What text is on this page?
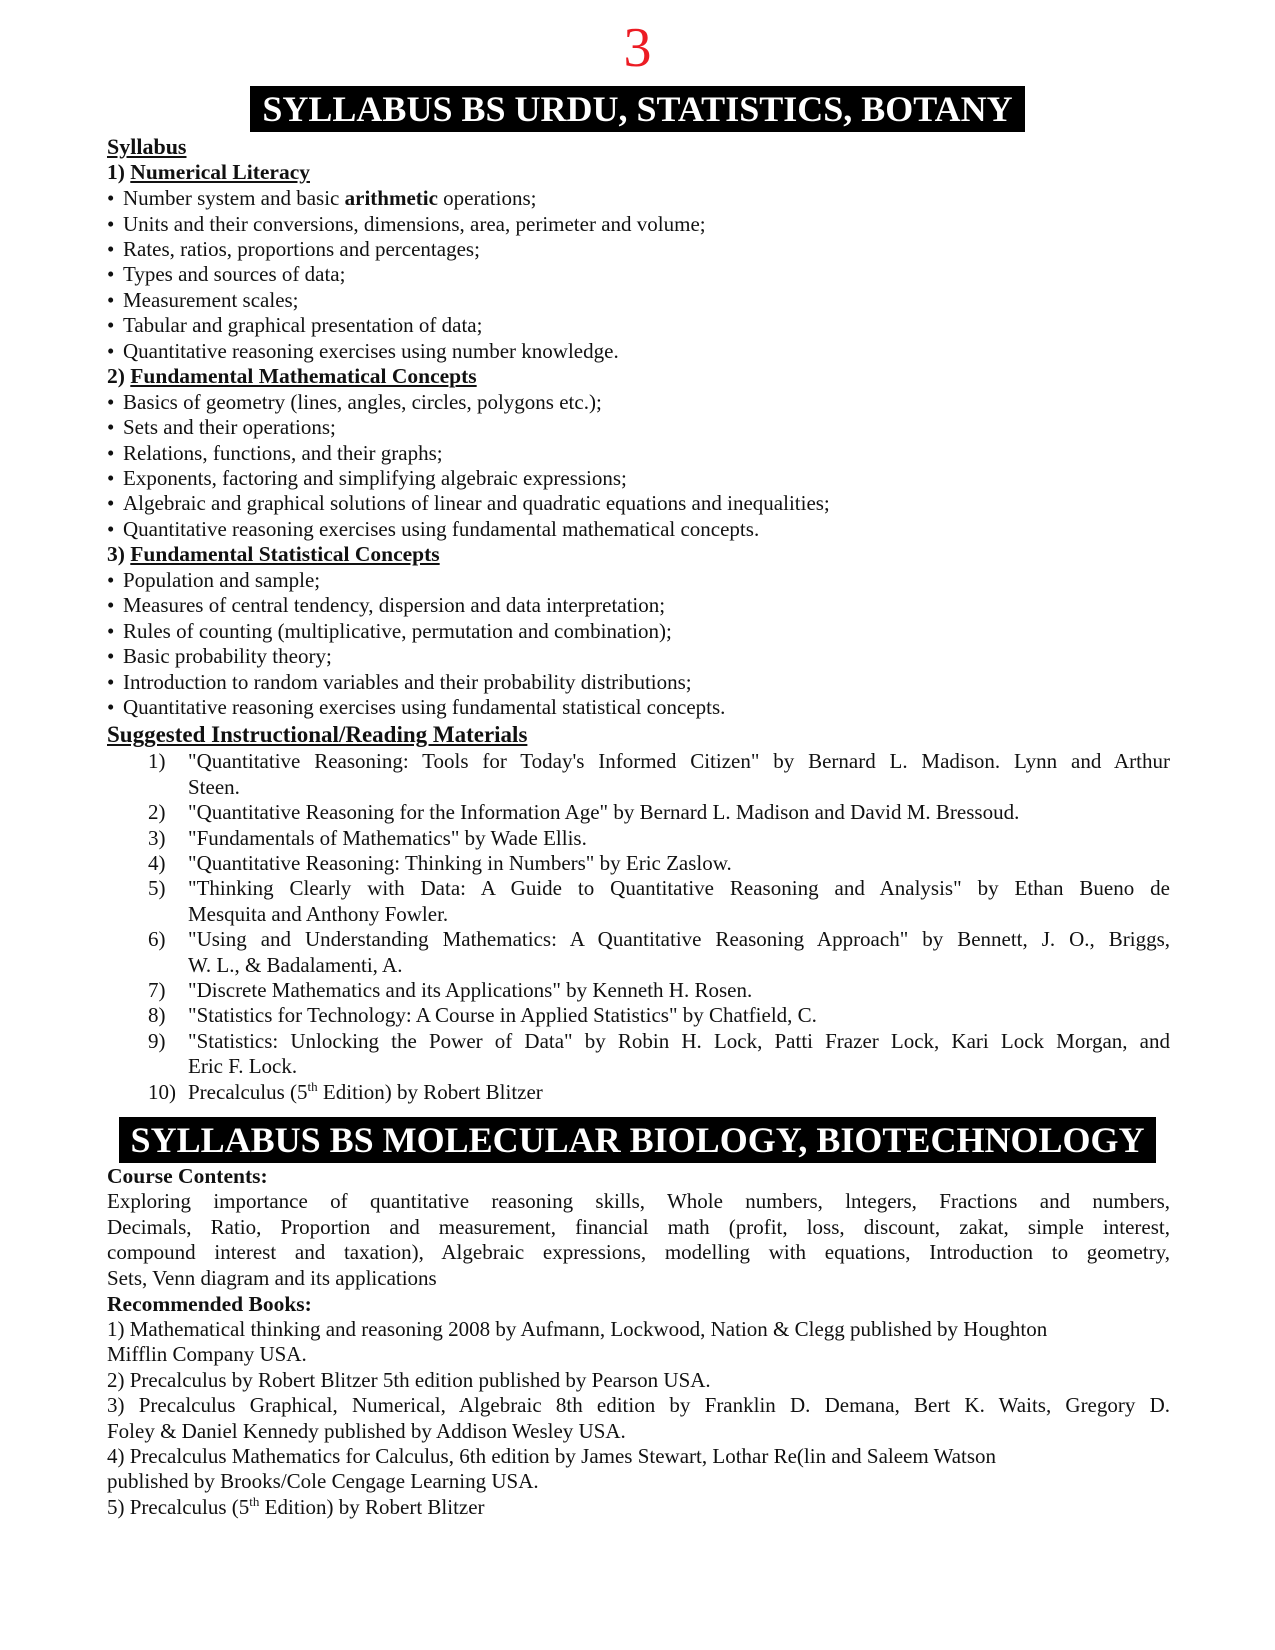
3
SYLLABUS BS URDU, STATISTICS, BOTANY
Syllabus
1) Numerical Literacy
• Number system and basic arithmetic operations;
• Units and their conversions, dimensions, area, perimeter and volume;
• Rates, ratios, proportions and percentages;
• Types and sources of data;
• Measurement scales;
• Tabular and graphical presentation of data;
• Quantitative reasoning exercises using number knowledge.
2) Fundamental Mathematical Concepts
• Basics of geometry (lines, angles, circles, polygons etc.);
• Sets and their operations;
• Relations, functions, and their graphs;
• Exponents, factoring and simplifying algebraic expressions;
• Algebraic and graphical solutions of linear and quadratic equations and inequalities;
• Quantitative reasoning exercises using fundamental mathematical concepts.
3) Fundamental Statistical Concepts
• Population and sample;
• Measures of central tendency, dispersion and data interpretation;
• Rules of counting (multiplicative, permutation and combination);
• Basic probability theory;
• Introduction to random variables and their probability distributions;
• Quantitative reasoning exercises using fundamental statistical concepts.
Suggested Instructional/Reading Materials
1)	"Quantitative Reasoning: Tools for Today's Informed Citizen" by Bernard L. Madison. Lynn and Arthur
Steen.
2)	"Quantitative Reasoning for the Information Age" by Bernard L. Madison and David M. Bressoud.
3)	"Fundamentals of Mathematics" by Wade Ellis.
4)	"Quantitative Reasoning: Thinking in Numbers" by Eric Zaslow.
5)	"Thinking Clearly with Data: A Guide to Quantitative Reasoning and Analysis" by Ethan Bueno de
Mesquita and Anthony Fowler.
6)	"Using and Understanding Mathematics: A Quantitative Reasoning Approach" by Bennett, J. O., Briggs,
W. L., & Badalamenti, A.
7)	"Discrete Mathematics and its Applications" by Kenneth H. Rosen.
8)	"Statistics for Technology: A Course in Applied Statistics" by Chatfield, C.
9)	"Statistics: Unlocking the Power of Data" by Robin H. Lock, Patti Frazer Lock, Kari Lock Morgan, and
Eric F. Lock.
10) Precalculus (5th Edition) by Robert Blitzer
SYLLABUS BS MOLECULAR BIOLOGY, BIOTECHNOLOGY
Course Contents:
Exploring importance of quantitative reasoning skills, Whole numbers, lntegers, Fractions and numbers,
Decimals, Ratio, Proportion and measurement, financial math (profit, loss, discount, zakat, simple interest,
compound interest and taxation), Algebraic expressions, modelling with equations, Introduction to geometry,
Sets, Venn diagram and its applications
Recommended Books:
1) Mathematical thinking and reasoning 2008 by Aufmann, Lockwood, Nation & Clegg published by Houghton
Mifflin Company USA.
2) Precalculus by Robert Blitzer 5th edition published by Pearson USA.
3) Precalculus Graphical, Numerical, Algebraic 8th edition by Franklin D. Demana, Bert K. Waits, Gregory D.
Foley & Daniel Kennedy published by Addison Wesley USA.
4) Precalculus Mathematics for Calculus, 6th edition by James Stewart, Lothar Re(lin and Saleem Watson
published by Brooks/Cole Cengage Learning USA.
5) Precalculus (5th Edition) by Robert Blitzer
